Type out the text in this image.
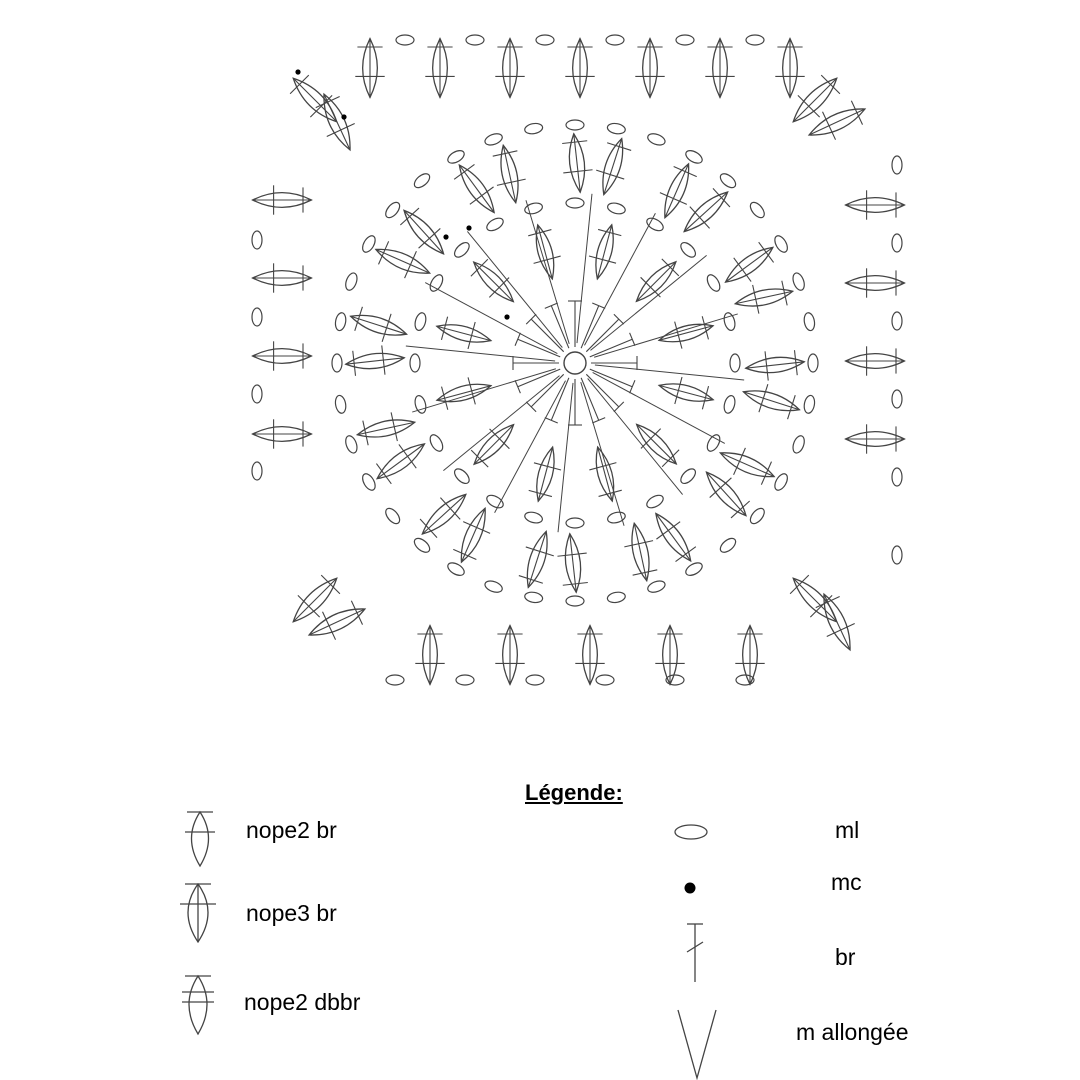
Légende:
nope2 br
nope3 br
nope2 dbbr
ml
mc
br
m allongée
